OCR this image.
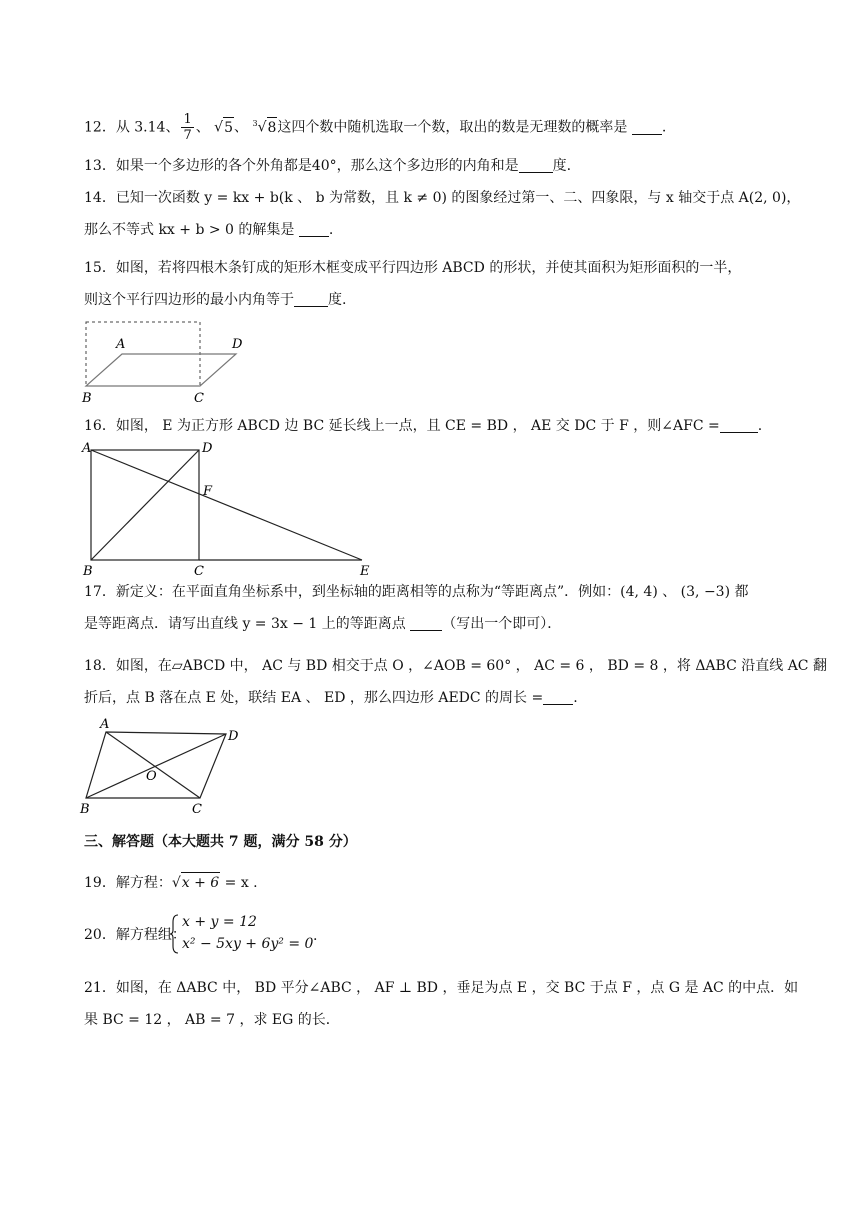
12．从 3.14、 $\frac{1}{7}$ 、 √5、 $^3$√8这四个数中随机选取一个数，取出的数是无理数的概率是 .
13．如果一个多边形的各个外角都是40°，那么这个多边形的内角和是 度.
14．已知一次函数 y = kx + b(k 、 b 为常数，且 k ≠ 0) 的图象经过第一、二、四象限，与 x 轴交于点 A(2, 0)，
那么不等式 kx + b > 0 的解集是 .
15．如图，若将四根木条钉成的矩形木框变成平行四边形 ABCD 的形状，并使其面积为矩形面积的一半，
则这个平行四边形的最小内角等于 度.
A	D
B	C
16．如图， E 为正方形 ABCD 边 BC 延长线上一点，且 CE = BD ， AE 交 DC 于 F ，则∠AFC =	.
A	D
F
B	C	E
17．新定义：在平面直角坐标系中，到坐标轴的距离相等的点称为“等距离点”．例如：(4, 4) 、 (3, −3) 都
是等距离点．请写出直线 y = 3x − 1 上的等距离点 （写出一个即可）．
18．如图，在▱ABCD 中， AC 与 BD 相交于点 O ，∠AOB = 60° ， AC = 6 ， BD = 8 ，将 ΔABC 沿直线 AC 翻
折后，点 B 落在点 E 处，联结 EA 、 ED ，那么四边形 AEDC 的周长 = .
A
D
O
B	C
三、解答题（本大题共 7 题，满分 58 分）
19．解方程：√x + 6 = x .
20．解方程组：
x + y = 12
x² − 5xy + 6y² = 0 .
21．如图，在 ΔABC 中， BD 平分∠ABC ， AF ⊥ BD ，垂足为点 E ，交 BC 于点 F ，点 G 是 AC 的中点．如
果 BC = 12 ， AB = 7 ，求 EG 的长．
